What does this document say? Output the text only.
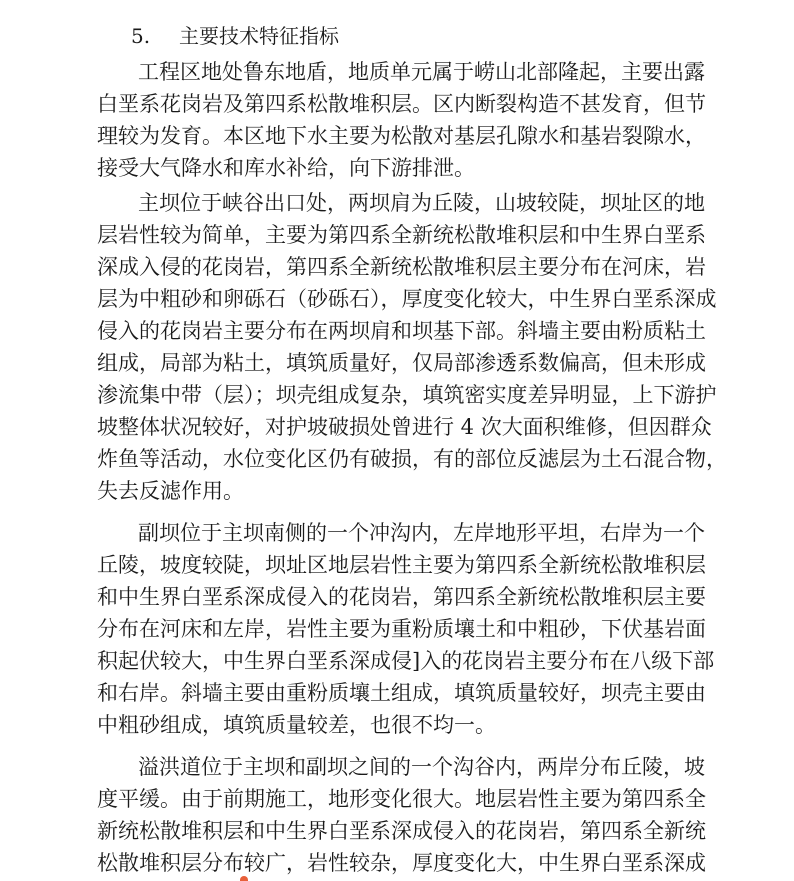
5. 主要技术特征指标
工程区地处鲁东地盾，地质单元属于崂山北部隆起，主要出露
白垩系花岗岩及第四系松散堆积层。区内断裂构造不甚发育，但节
理较为发育。本区地下水主要为松散对基层孔隙水和基岩裂隙水，
接受大气降水和库水补给，向下游排泄。
主坝位于峡谷出口处，两坝肩为丘陵，山坡较陡，坝址区的地
层岩性较为简单，主要为第四系全新统松散堆积层和中生界白垩系
深成入侵的花岗岩，第四系全新统松散堆积层主要分布在河床，岩
层为中粗砂和卵砾石（砂砾石），厚度变化较大，中生界白垩系深成
侵入的花岗岩主要分布在两坝肩和坝基下部。斜墙主要由粉质粘土
组成，局部为粘土，填筑质量好，仅局部渗透系数偏高，但未形成
渗流集中带（层）；坝壳组成复杂，填筑密实度差异明显，上下游护
坡整体状况较好，对护坡破损处曾进行 4 次大面积维修，但因群众
炸鱼等活动，水位变化区仍有破损，有的部位反滤层为土石混合物，
失去反滤作用。
副坝位于主坝南侧的一个冲沟内，左岸地形平坦，右岸为一个
丘陵，坡度较陡，坝址区地层岩性主要为第四系全新统松散堆积层
和中生界白垩系深成侵入的花岗岩，第四系全新统松散堆积层主要
分布在河床和左岸，岩性主要为重粉质壤土和中粗砂，下伏基岩面
积起伏较大，中生界白垩系深成侵]入的花岗岩主要分布在八级下部
和右岸。斜墙主要由重粉质壤土组成，填筑质量较好，坝壳主要由
中粗砂组成，填筑质量较差，也很不均一。
溢洪道位于主坝和副坝之间的一个沟谷内，两岸分布丘陵，坡
度平缓。由于前期施工，地形变化很大。地层岩性主要为第四系全
新统松散堆积层和中生界白垩系深成侵入的花岗岩，第四系全新统
松散堆积层分布较广，岩性较杂，厚度变化大，中生界白垩系深成
